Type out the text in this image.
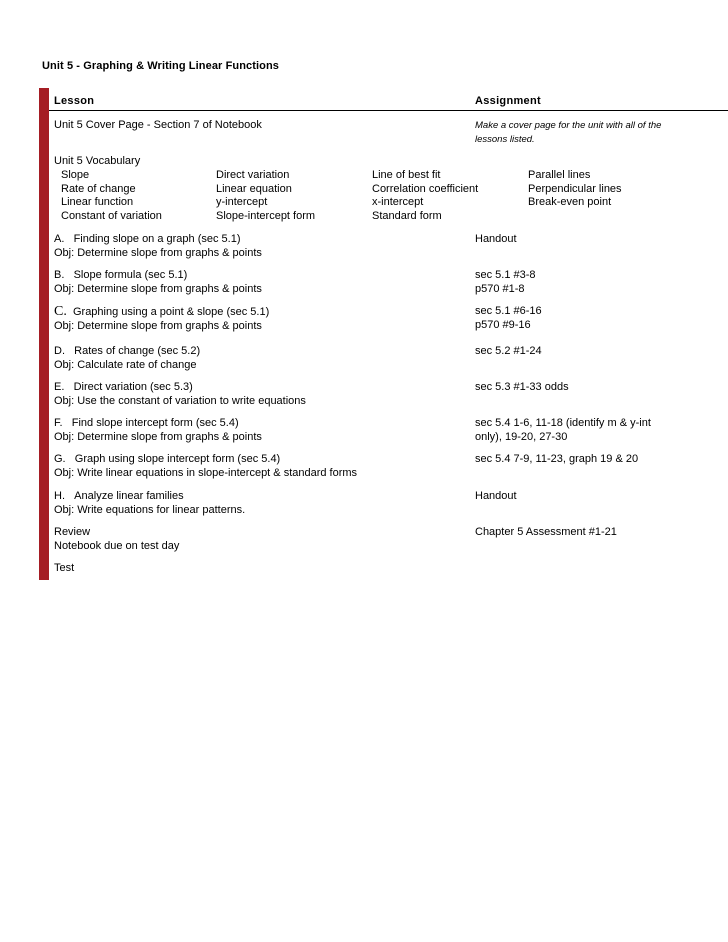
Unit 5 - Graphing & Writing Linear Functions
Lesson	Assignment
Unit 5 Cover Page - Section 7 of Notebook	Make a cover page for the unit with all of the
lessons listed.
Unit 5 Vocabulary
Slope
Rate of change
Linear function
Constant of variation
Direct variation
Linear equation
y-intercept
Slope-intercept form
Line of best fit
Correlation coefficient
x-intercept
Standard form
Parallel lines
Perpendicular lines
Break-even point
A. Finding slope on a graph (sec 5.1)
Obj: Determine slope from graphs & points
Handout
B. Slope formula (sec 5.1)
Obj: Determine slope from graphs & points
sec 5.1 #3-8
p570 #1-8
C. Graphing using a point & slope (sec 5.1)
Obj: Determine slope from graphs & points
sec 5.1 #6-16
p570 #9-16
D. Rates of change (sec 5.2)
Obj: Calculate rate of change
sec 5.2 #1-24
E. Direct variation (sec 5.3)
Obj: Use the constant of variation to write equations
sec 5.3 #1-33 odds
F. Find slope intercept form (sec 5.4)
Obj: Determine slope from graphs & points
sec 5.4 1-6, 11-18 (identify m & y-int
only), 19-20, 27-30
G. Graph using slope intercept form (sec 5.4)
Obj: Write linear equations in slope-intercept & standard forms
sec 5.4 7-9, 11-23, graph 19 & 20
H. Analyze linear families
Obj: Write equations for linear patterns.
Handout
Review
Notebook due on test day
Chapter 5 Assessment #1-21
Test
